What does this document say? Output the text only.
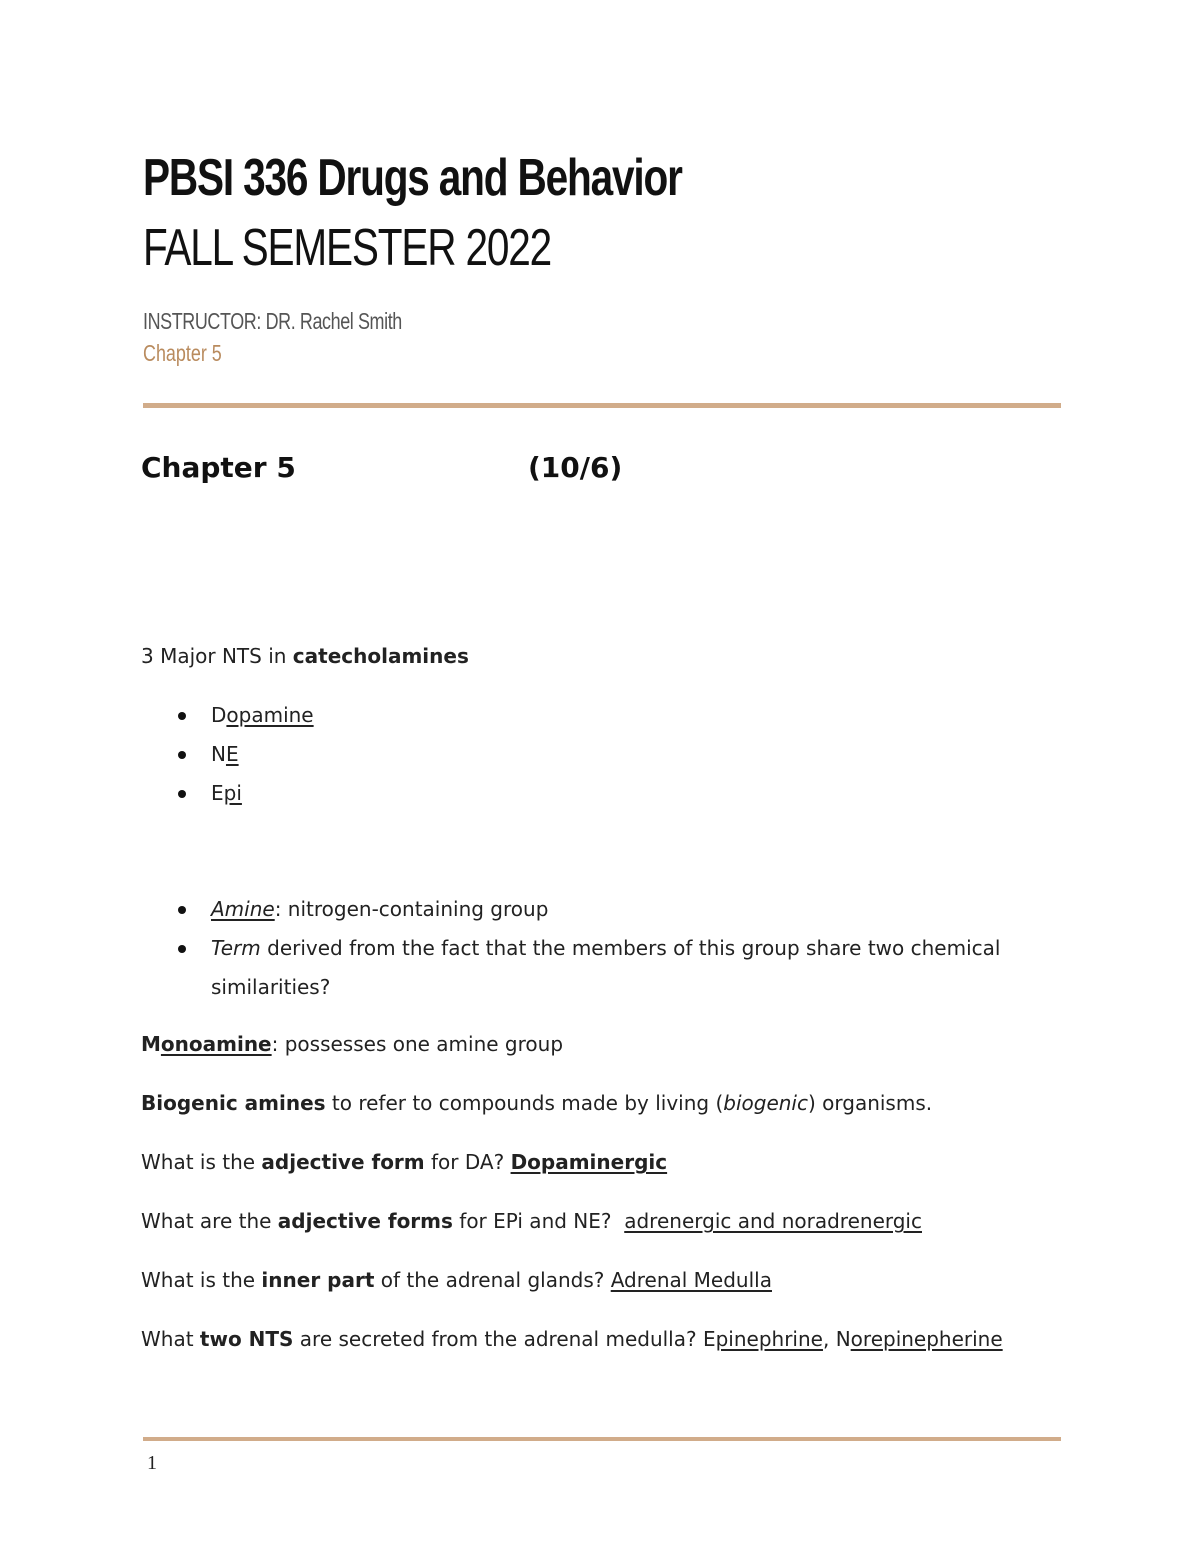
PBSI 336 Drugs and Behavior
FALL SEMESTER 2022
INSTRUCTOR: DR. Rachel Smith
Chapter 5
Chapter 5	(10/6)
3 Major NTS in catecholamines
Dopamine
NE
Epi
Amine: nitrogen-containing group
Term derived from the fact that the members of this group share two chemical
similarities?
Monoamine: possesses one amine group
Biogenic amines to refer to compounds made by living (biogenic) organisms.
What is the adjective form for DA? Dopaminergic
What are the adjective forms for EPi and NE?  adrenergic and noradrenergic
What is the inner part of the adrenal glands? Adrenal Medulla
What two NTS are secreted from the adrenal medulla? Epinephrine, Norepinepherine
1
